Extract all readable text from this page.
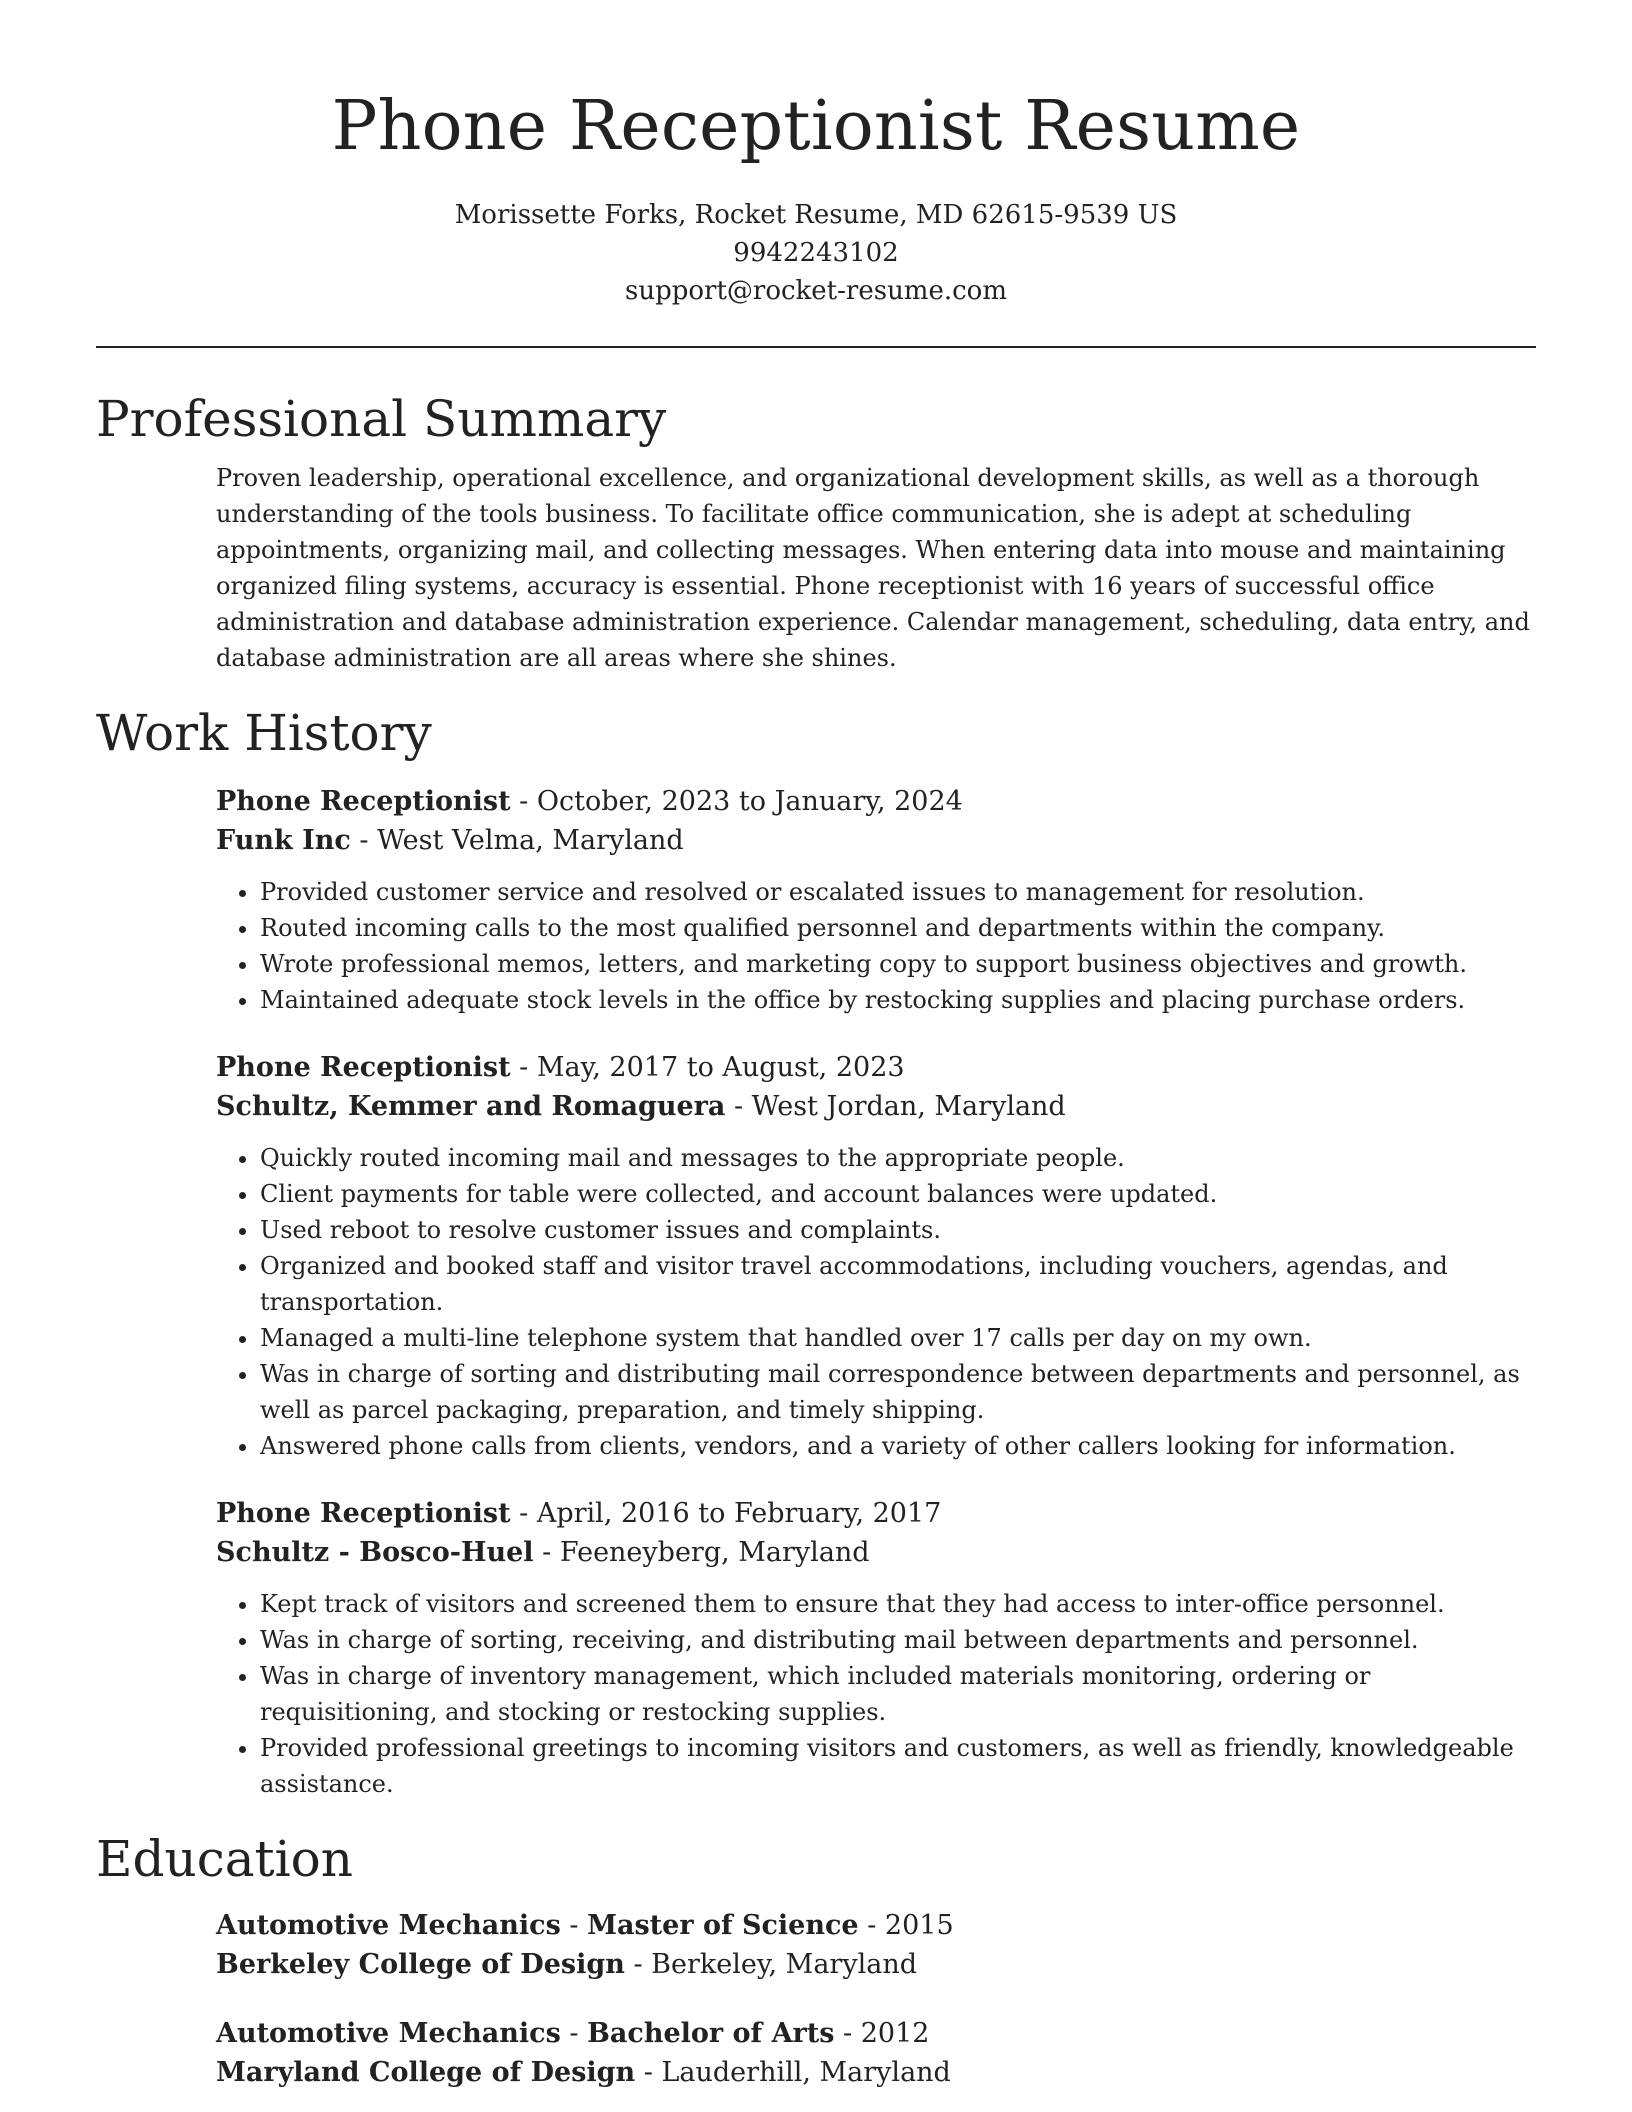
Phone Receptionist Resume
Morissette Forks, Rocket Resume, MD 62615-9539 US
9942243102
support@rocket-resume.com
Professional Summary

Proven leadership, operational excellence, and organizational development skills, as well as a thorough understanding of the tools business. To facilitate office communication, she is adept at scheduling appointments, organizing mail, and collecting messages. When entering data into mouse and maintaining organized filing systems, accuracy is essential. Phone receptionist with 16 years of successful office administration and database administration experience. Calendar management, scheduling, data entry, and database administration are all areas where she shines.

Work History

Phone Receptionist - October, 2023 to January, 2024

Funk Inc - West Velma, Maryland

• Provided customer service and resolved or escalated issues to management for resolution.
• Routed incoming calls to the most qualified personnel and departments within the company.
• Wrote professional memos, letters, and marketing copy to support business objectives and growth.
• Maintained adequate stock levels in the office by restocking supplies and placing purchase orders.

Phone Receptionist - May, 2017 to August, 2023

Schultz, Kemmer and Romaguera - West Jordan, Maryland

• Quickly routed incoming mail and messages to the appropriate people.
• Client payments for table were collected, and account balances were updated.
• Used reboot to resolve customer issues and complaints.
• Organized and booked staff and visitor travel accommodations, including vouchers, agendas, and transportation.
• Managed a multi-line telephone system that handled over 17 calls per day on my own.
• Was in charge of sorting and distributing mail correspondence between departments and personnel, as well as parcel packaging, preparation, and timely shipping.
• Answered phone calls from clients, vendors, and a variety of other callers looking for information.

Phone Receptionist - April, 2016 to February, 2017

Schultz - Bosco-Huel - Feeneyberg, Maryland

• Kept track of visitors and screened them to ensure that they had access to inter-office personnel.
• Was in charge of sorting, receiving, and distributing mail between departments and personnel.
• Was in charge of inventory management, which included materials monitoring, ordering or requisitioning, and stocking or restocking supplies.
• Provided professional greetings to incoming visitors and customers, as well as friendly, knowledgeable assistance.
Education

Automotive Mechanics - Master of Science - 2015

Berkeley College of Design - Berkeley, Maryland

Automotive Mechanics - Bachelor of Arts - 2012

Maryland College of Design - Lauderhill, Maryland
